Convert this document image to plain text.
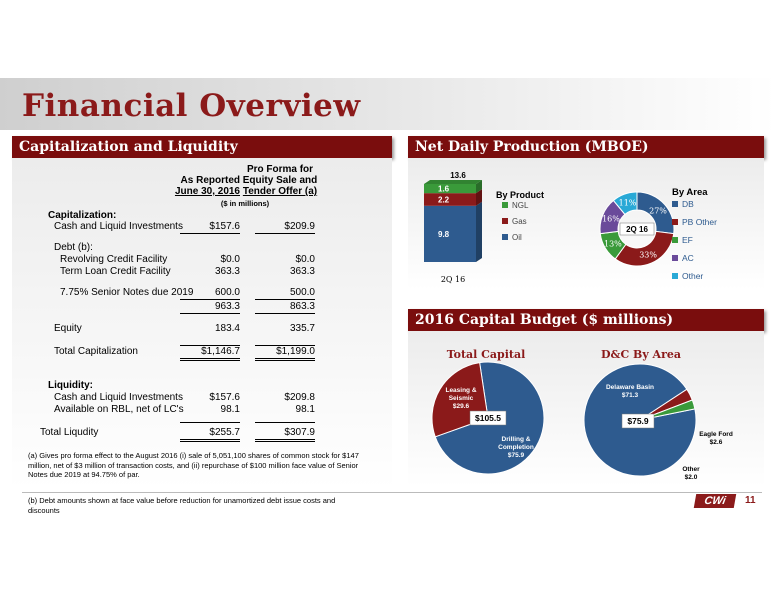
Financial Overview
Capitalization and Liquidity
As Reported
June 30, 2016
Pro Forma for
Equity Sale and
Tender Offer (a)
($ in millions)
Capitalization:
Cash and Liquid Investments	$157.6	$209.9
Debt (b):
Revolving Credit Facility	$0.0	$0.0
Term Loan Credit Facility	363.3	363.3
7.75% Senior Notes due 2019 600.0	500.0
963.3	863.3
Equity	183.4	335.7
Total Capitalization	$1,146.7	$1,199.0
Liquidity:
Cash and Liquid Investments	$157.6	$209.8
Available on RBL, net of LC's	98.1	98.1
Total Liqudity	$255.7	$307.9
(a) Gives pro forma effect to the August 2016 (i) sale of 5,051,100 shares of common stock for $147 million, net of $3 million of transaction costs, and (ii) repurchase of $100 million face value of Senior Notes due 2019 at 94.75% of par.
(b) Debt amounts shown at face value before reduction for unamortized debt issue costs and discounts
CWi	11
Net Daily Production (MBOE)
13.6
9.8
2.2
1.6
2Q 16
By Product
NGL
Gas
Oil
By Area
27%
33%
13%
16%
11%
2Q 16
DB
PB Other
EF
AC
Other
2016 Capital Budget ($ millions)
Total Capital
$105.5
Leasing &
Seismic
$29.6
Drilling &
Completion
$75.9
D&C By Area
$75.9
Delaware Basin
$71.3
Eagle Ford
$2.6
Other
$2.0
